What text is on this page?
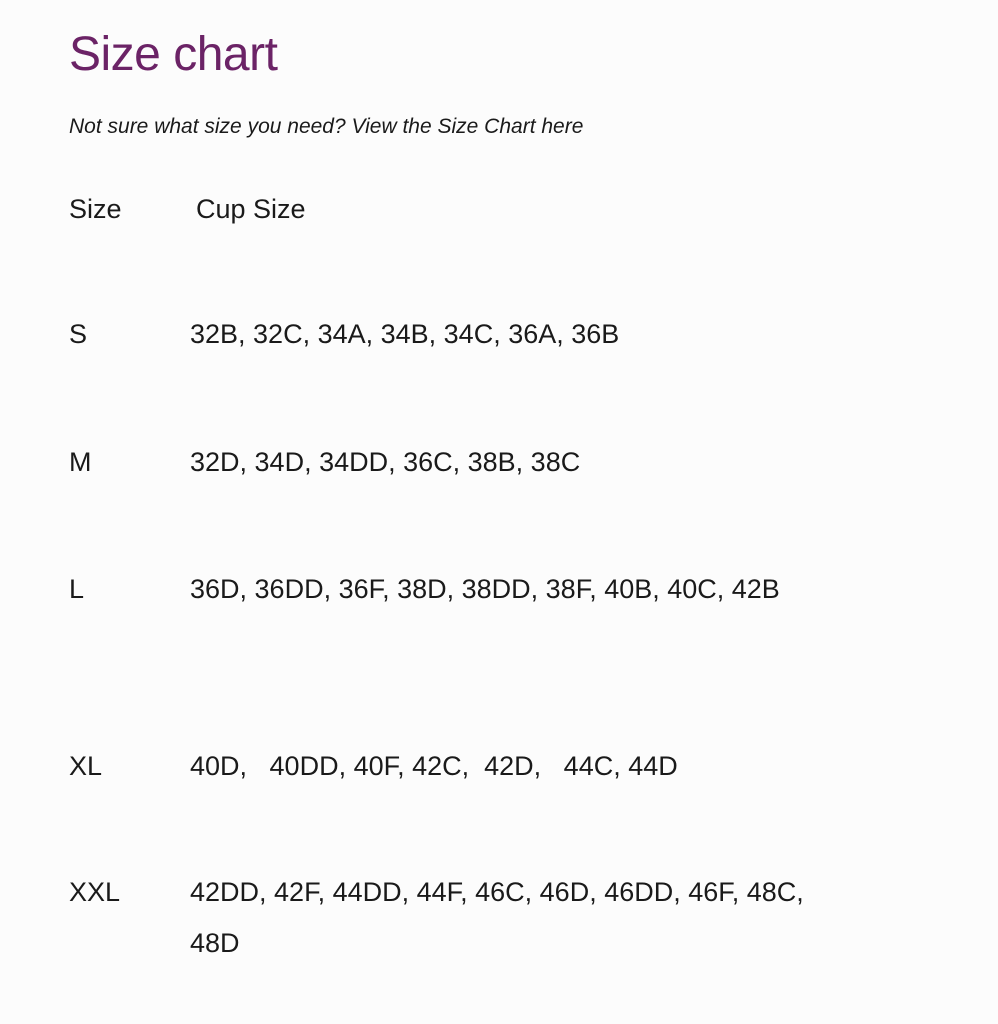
Size chart

Not sure what size you need? View the Size Chart here

Size	Cup Size
S	32B, 32C, 34A, 34B, 34C, 36A, 36B
M	32D, 34D, 34DD, 36C, 38B, 38C
L	36D, 36DD, 36F, 38D, 38DD, 38F, 40B, 40C, 42B
XL	40D,   40DD, 40F, 42C,  42D,   44C, 44D
XXL	42DD, 42F, 44DD, 44F, 46C, 46D, 46DD, 46F, 48C, 48D
